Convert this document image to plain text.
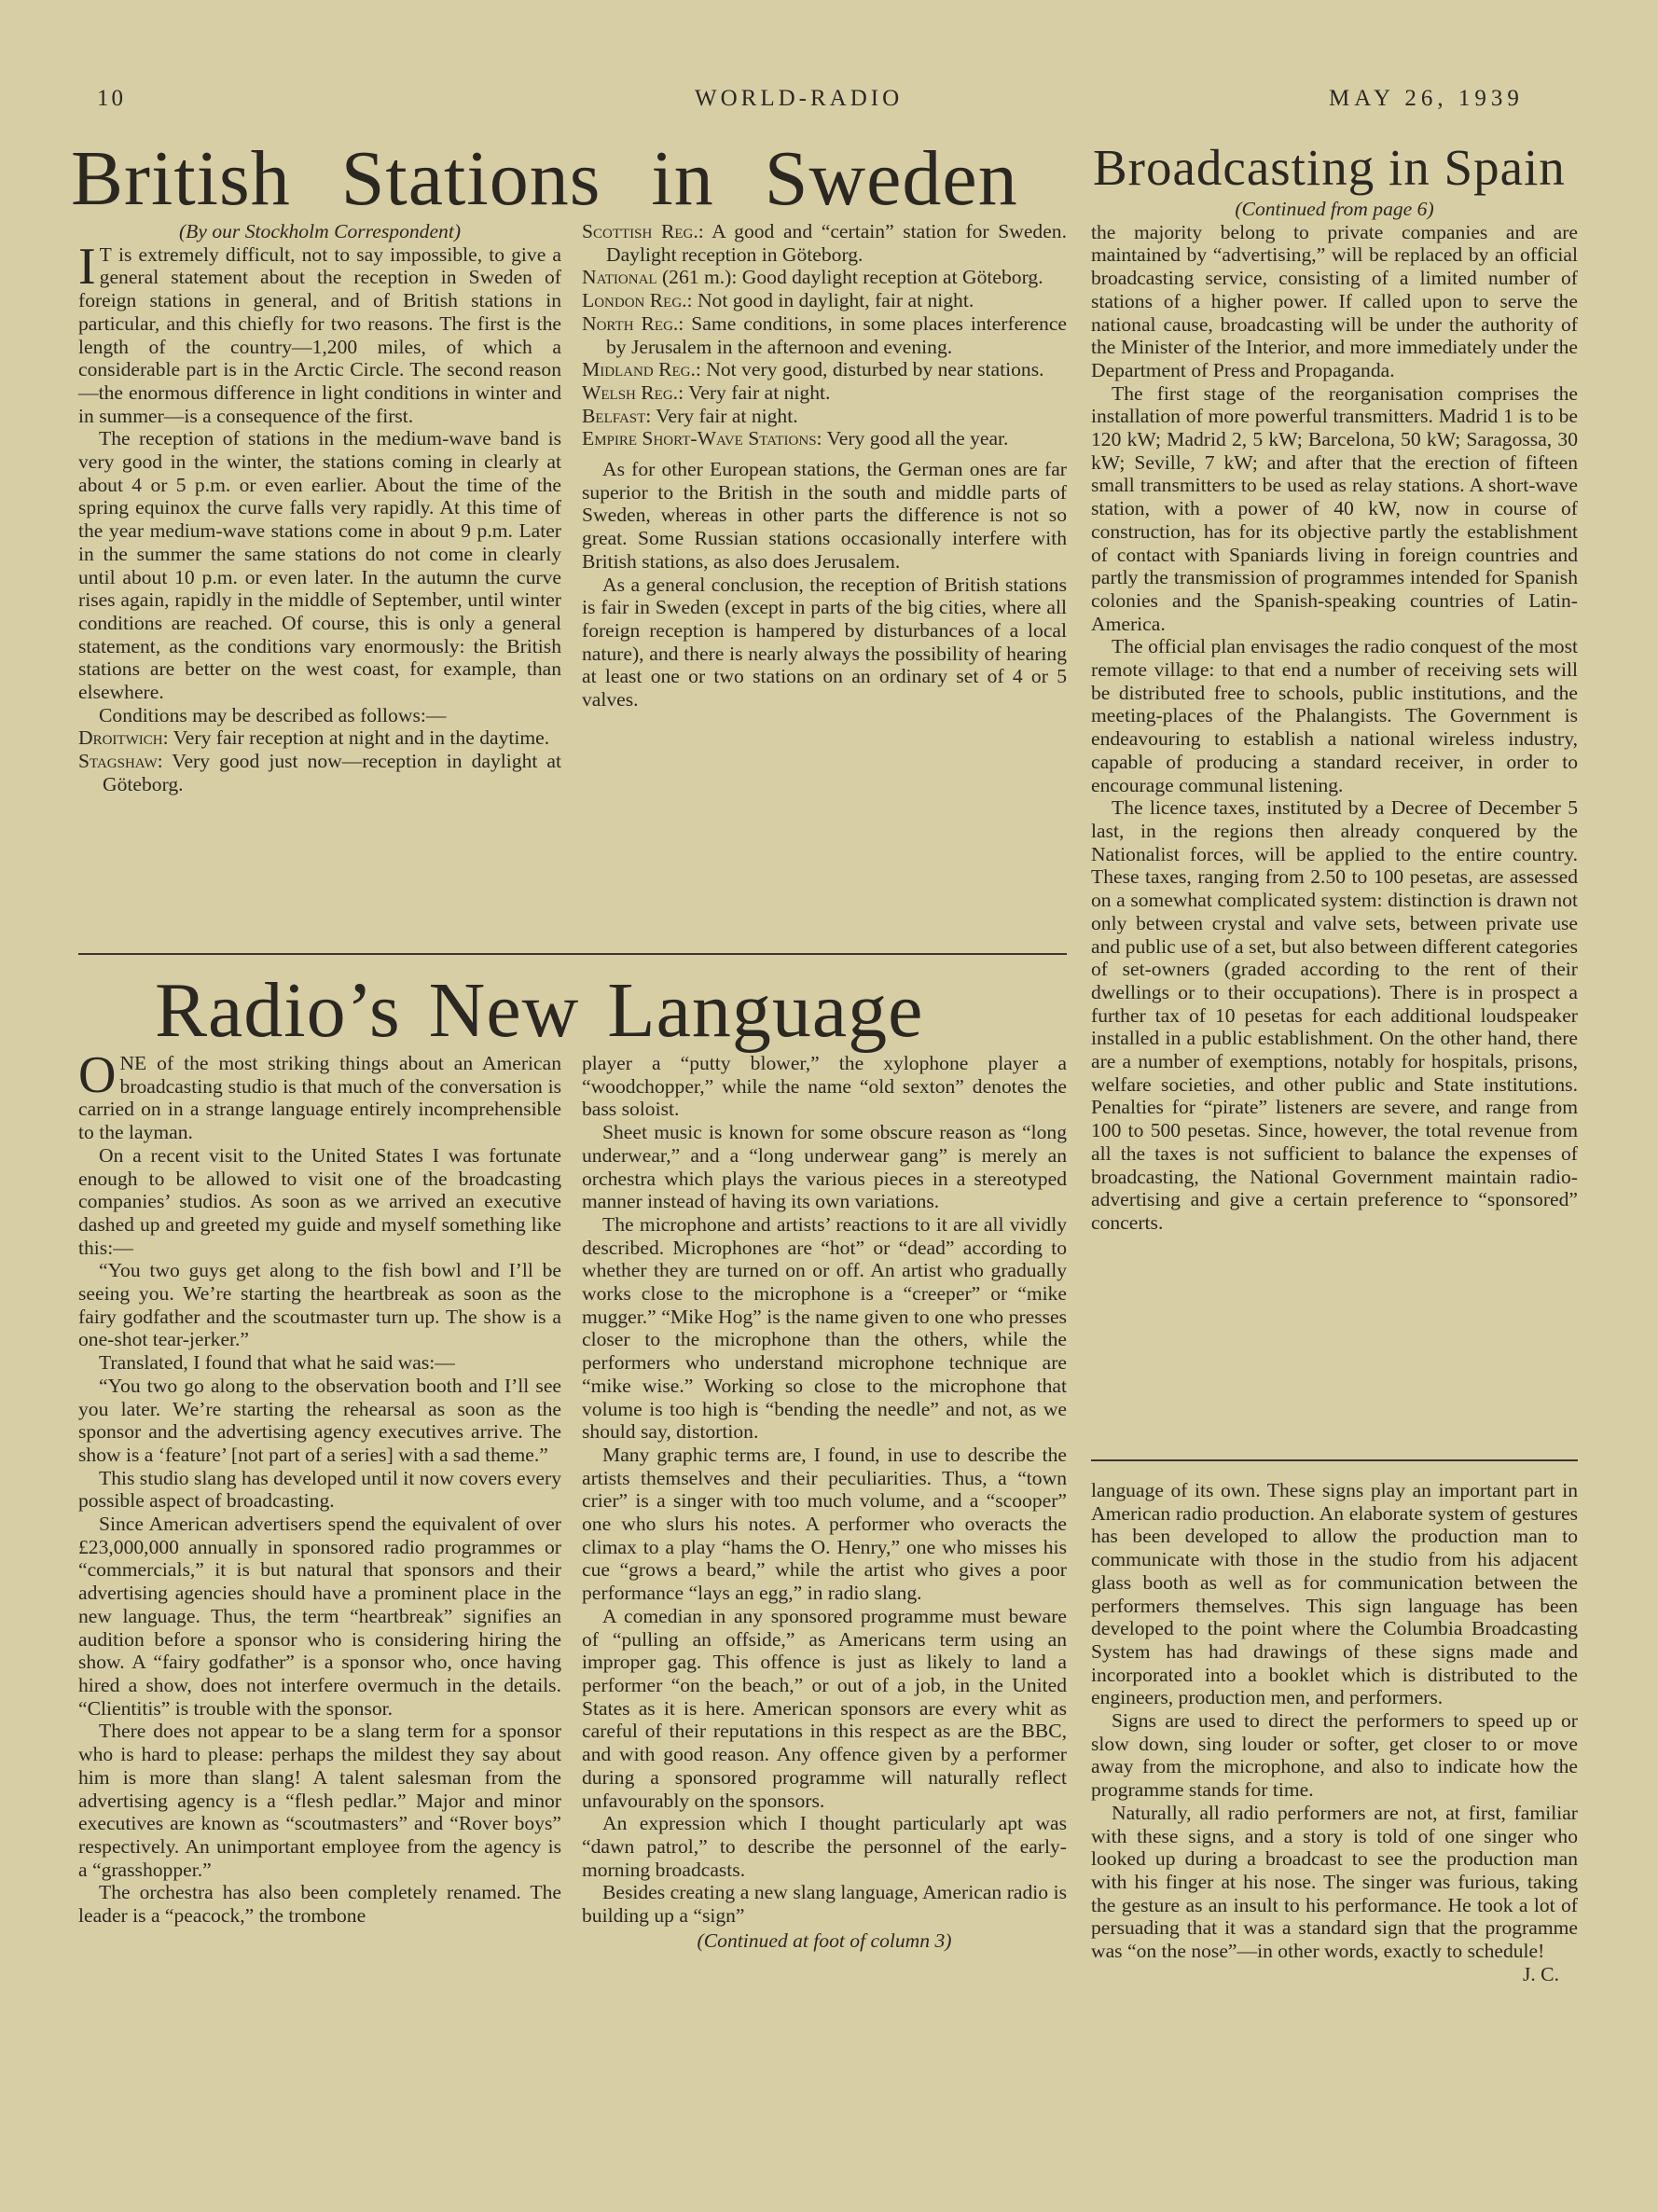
10	WORLD-RADIO	MAY 26, 1939
British Stations in Sweden Broadcasting in Spain

(By our Stockholm Correspondent)

I T is extremely difficult, not to say impossible, to give a general statement about the reception in Sweden of foreign stations in general, and of British stations in particular, and this chiefly for two reasons. The first is the length of the country—1,200 miles, of which a considerable part is in the Arctic Circle. The second reason—the enormous difference in light conditions in winter and in summer—is a consequence of the first.

The reception of stations in the medium-wave band is very good in the winter, the stations coming in clearly at about 4 or 5 p.m. or even earlier. About the time of the spring equinox the curve falls very rapidly. At this time of the year medium-wave stations come in about 9 p.m. Later in the summer the same stations do not come in clearly until about 10 p.m. or even later. In the autumn the curve rises again, rapidly in the middle of September, until winter conditions are reached. Of course, this is only a general statement, as the conditions vary enormously: the British stations are better on the west coast, for example, than elsewhere.

Conditions may be described as follows:—

Droitwich: Very fair reception at night and in the daytime.

Stagshaw: Very good just now—reception in daylight at Göteborg.

Scottish Reg.: A good and “certain” station for Sweden. Daylight reception in Göteborg.

National (261 m.): Good daylight reception at Göteborg.

London Reg.: Not good in daylight, fair at night.

North Reg.: Same conditions, in some places interference by Jerusalem in the afternoon and evening.

Midland Reg.: Not very good, disturbed by near stations.

Welsh Reg.: Very fair at night.

Belfast: Very fair at night.

Empire Short-Wave Stations: Very good all the year.

As for other European stations, the German ones are far superior to the British in the south and middle parts of Sweden, whereas in other parts the difference is not so great. Some Russian stations occasionally interfere with British stations, as also does Jerusalem.

As a general conclusion, the reception of British stations is fair in Sweden (except in parts of the big cities, where all foreign reception is hampered by disturbances of a local nature), and there is nearly always the possibility of hearing at least one or two stations on an ordinary set of 4 or 5 valves.

(Continued from page 6)

the majority belong to private companies and are maintained by “advertising,” will be replaced by an official broadcasting service, consisting of a limited number of stations of a higher power. If called upon to serve the national cause, broadcasting will be under the authority of the Minister of the Interior, and more immediately under the Department of Press and Propaganda.

The first stage of the reorganisation comprises the installation of more powerful transmitters. Madrid 1 is to be 120 kW; Madrid 2, 5 kW; Barcelona, 50 kW; Saragossa, 30 kW; Seville, 7 kW; and after that the erection of fifteen small transmitters to be used as relay stations. A short-wave station, with a power of 40 kW, now in course of construction, has for its objective partly the establishment of contact with Spaniards living in foreign countries and partly the transmission of programmes intended for Spanish colonies and the Spanish-speaking countries of Latin-America.

The official plan envisages the radio conquest of the most remote village: to that end a number of receiving sets will be distributed free to schools, public institutions, and the meeting-places of the Phalangists. The Government is endeavouring to establish a national wireless industry, capable of producing a standard receiver, in order to encourage communal listening.

The licence taxes, instituted by a Decree of December 5 last, in the regions then already conquered by the Nationalist forces, will be applied to the entire country. These taxes, ranging from 2.50 to 100 pesetas, are assessed on a somewhat complicated system: distinction is drawn not only between crystal and valve sets, between private use and public use of a set, but also between different categories of set-owners (graded according to the rent of their dwellings or to their occupations). There is in prospect a further tax of 10 pesetas for each additional loudspeaker installed in a public establishment. On the other hand, there are a number of exemptions, notably for hospitals, prisons, welfare societies, and other public and State institutions. Penalties for “pirate” listeners are severe, and range from 100 to 500 pesetas. Since, however, the total revenue from all the taxes is not sufficient to balance the expenses of broadcasting, the National Government maintain radio-advertising and give a certain preference to “sponsored” concerts.

Radio’s New Language

ONE of the most striking things about an American broadcasting studio is that much of the conversation is carried on in a strange language entirely incomprehensible to the layman.

On a recent visit to the United States I was fortunate enough to be allowed to visit one of the broadcasting companies’ studios. As soon as we arrived an executive dashed up and greeted my guide and myself something like this:—

“You two guys get along to the fish bowl and I’ll be seeing you. We’re starting the heartbreak as soon as the fairy godfather and the scoutmaster turn up. The show is a one-shot tear-jerker.”

Translated, I found that what he said was:—

“You two go along to the observation booth and I’ll see you later. We’re starting the rehearsal as soon as the sponsor and the advertising agency executives arrive. The show is a ‘feature’ [not part of a series] with a sad theme.”

This studio slang has developed until it now covers every possible aspect of broadcasting.

Since American advertisers spend the equivalent of over £23,000,000 annually in sponsored radio programmes or “commercials,” it is but natural that sponsors and their advertising agencies should have a prominent place in the new language. Thus, the term “heartbreak” signifies an audition before a sponsor who is considering hiring the show. A “fairy godfather” is a sponsor who, once having hired a show, does not interfere overmuch in the details. “Clientitis” is trouble with the sponsor.

There does not appear to be a slang term for a sponsor who is hard to please: perhaps the mildest they say about him is more than slang! A talent salesman from the advertising agency is a “flesh pedlar.” Major and minor executives are known as “scoutmasters” and “Rover boys” respectively. An unimportant employee from the agency is a “grasshopper.”

The orchestra has also been completely renamed. The leader is a “peacock,” the trombone

player a “putty blower,” the xylophone player a “woodchopper,” while the name “old sexton” denotes the bass soloist.

Sheet music is known for some obscure reason as “long underwear,” and a “long underwear gang” is merely an orchestra which plays the various pieces in a stereotyped manner instead of having its own variations.

The microphone and artists’ reactions to it are all vividly described. Microphones are “hot” or “dead” according to whether they are turned on or off. An artist who gradually works close to the microphone is a “creeper” or “mike mugger.” “Mike Hog” is the name given to one who presses closer to the microphone than the others, while the performers who understand microphone technique are “mike wise.” Working so close to the microphone that volume is too high is “bending the needle” and not, as we should say, distortion.

Many graphic terms are, I found, in use to describe the artists themselves and their peculiarities. Thus, a “town crier” is a singer with too much volume, and a “scooper” one who slurs his notes. A performer who overacts the climax to a play “hams the O. Henry,” one who misses his cue “grows a beard,” while the artist who gives a poor performance “lays an egg,” in radio slang.

A comedian in any sponsored programme must beware of “pulling an offside,” as Americans term using an improper gag. This offence is just as likely to land a performer “on the beach,” or out of a job, in the United States as it is here. American sponsors are every whit as careful of their reputations in this respect as are the BBC, and with good reason. Any offence given by a performer during a sponsored programme will naturally reflect unfavourably on the sponsors.

An expression which I thought particularly apt was “dawn patrol,” to describe the personnel of the early-morning broadcasts.

Besides creating a new slang language, American radio is building up a “sign”

(Continued at foot of column 3)

language of its own. These signs play an important part in American radio production. An elaborate system of gestures has been developed to allow the production man to communicate with those in the studio from his adjacent glass booth as well as for communication between the performers themselves. This sign language has been developed to the point where the Columbia Broadcasting System has had drawings of these signs made and incorporated into a booklet which is distributed to the engineers, production men, and performers.

Signs are used to direct the performers to speed up or slow down, sing louder or softer, get closer to or move away from the microphone, and also to indicate how the programme stands for time.

Naturally, all radio performers are not, at first, familiar with these signs, and a story is told of one singer who looked up during a broadcast to see the production man with his finger at his nose. The singer was furious, taking the gesture as an insult to his performance. He took a lot of persuading that it was a standard sign that the programme was “on the nose”—in other words, exactly to schedule!

J. C.
